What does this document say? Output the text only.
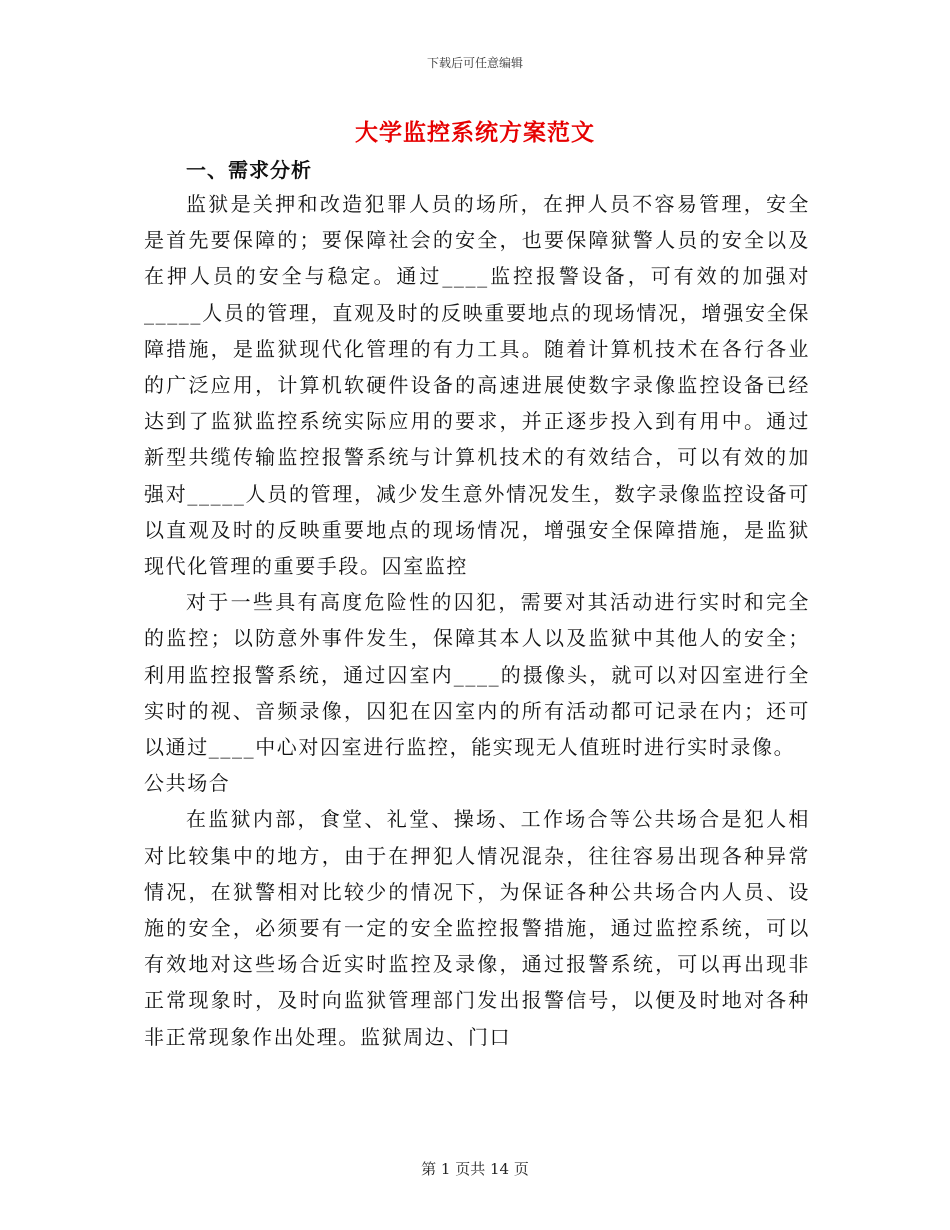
下载后可任意编辑
大学监控系统方案范文
一、需求分析

监狱是关押和改造犯罪人员的场所，在押人员不容易管理，安全是首先要保障的；要保障社会的安全，也要保障狱警人员的安全以及在押人员的安全与稳定。通过____监控报警设备，可有效的加强对_____人员的管理，直观及时的反映重要地点的现场情况，增强安全保障措施，是监狱现代化管理的有力工具。随着计算机技术在各行各业的广泛应用，计算机软硬件设备的高速进展使数字录像监控设备已经达到了监狱监控系统实际应用的要求，并正逐步投入到有用中。通过新型共缆传输监控报警系统与计算机技术的有效结合，可以有效的加强对_____人员的管理，减少发生意外情况发生，数字录像监控设备可以直观及时的反映重要地点的现场情况，增强安全保障措施，是监狱现代化管理的重要手段。囚室监控

对于一些具有高度危险性的囚犯，需要对其活动进行实时和完全的监控；以防意外事件发生，保障其本人以及监狱中其他人的安全；利用监控报警系统，通过囚室内____的摄像头，就可以对囚室进行全实时的视、音频录像，囚犯在囚室内的所有活动都可记录在内；还可以通过____中心对囚室进行监控，能实现无人值班时进行实时录像。

公共场合

在监狱内部，食堂、礼堂、操场、工作场合等公共场合是犯人相对比较集中的地方，由于在押犯人情况混杂，往往容易出现各种异常情况，在狱警相对比较少的情况下，为保证各种公共场合内人员、设施的安全，必须要有一定的安全监控报警措施，通过监控系统，可以有效地对这些场合近实时监控及录像，通过报警系统，可以再出现非正常现象时，及时向监狱管理部门发出报警信号，以便及时地对各种非正常现象作出处理。监狱周边、门口

第 1 页共 14 页
